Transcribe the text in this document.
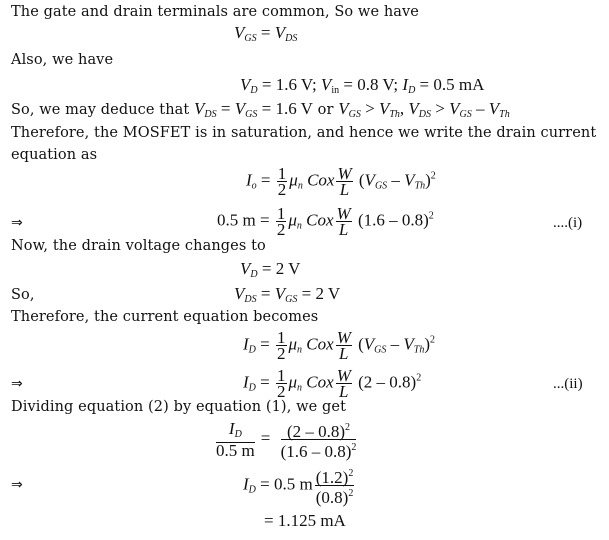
The gate and drain terminals are common, So we have
$V_{GS} = V_{DS}$
Also, we have
$V_D = 1.6$ V; $V_{in} = 0.8$ V; $I_D = 0.5$ mA
So, we may deduce that $V_{DS} = V_{GS} = 1.6$ V or $V_{GS} > V_{Th}$, $V_{DS} > V_{GS} - V_{Th}$
Therefore, the MOSFET is in saturation, and hence we write the drain current
equation as
$I_o = \frac{1}{2} \mu_n$ Cox $\frac{W}{L} (V_{GS} - V_{Th})^2$
⇒	0.5 $m = \frac{1}{2} \mu_n$ Cox $\frac{W}{L} (1.6 - 0.8)^2$	....(i)
Now, the drain voltage changes to
$V_D = 2$ V
So,	$V_{DS} = V_{GS} = 2$ V
Therefore, the current equation becomes
$I_D = \frac{1}{2} \mu_n$ Cox $\frac{W}{L} (V_{GS} - V_{Th})^2$
⇒	$I_D = \frac{1}{2} \mu_n$ Cox $\frac{W}{L} (2 - 0.8)^2$	...(ii)
Dividing equation (2) by equation (1), we get
$\frac{I_D}{0.5 m} = \frac{(2 - 0.8)^2}{(1.6 - 0.8)^2}$
⇒	$I_D = 0.5$ m $\frac{(1.2)^2}{(0.8)^2}$
= 1.125 mA
